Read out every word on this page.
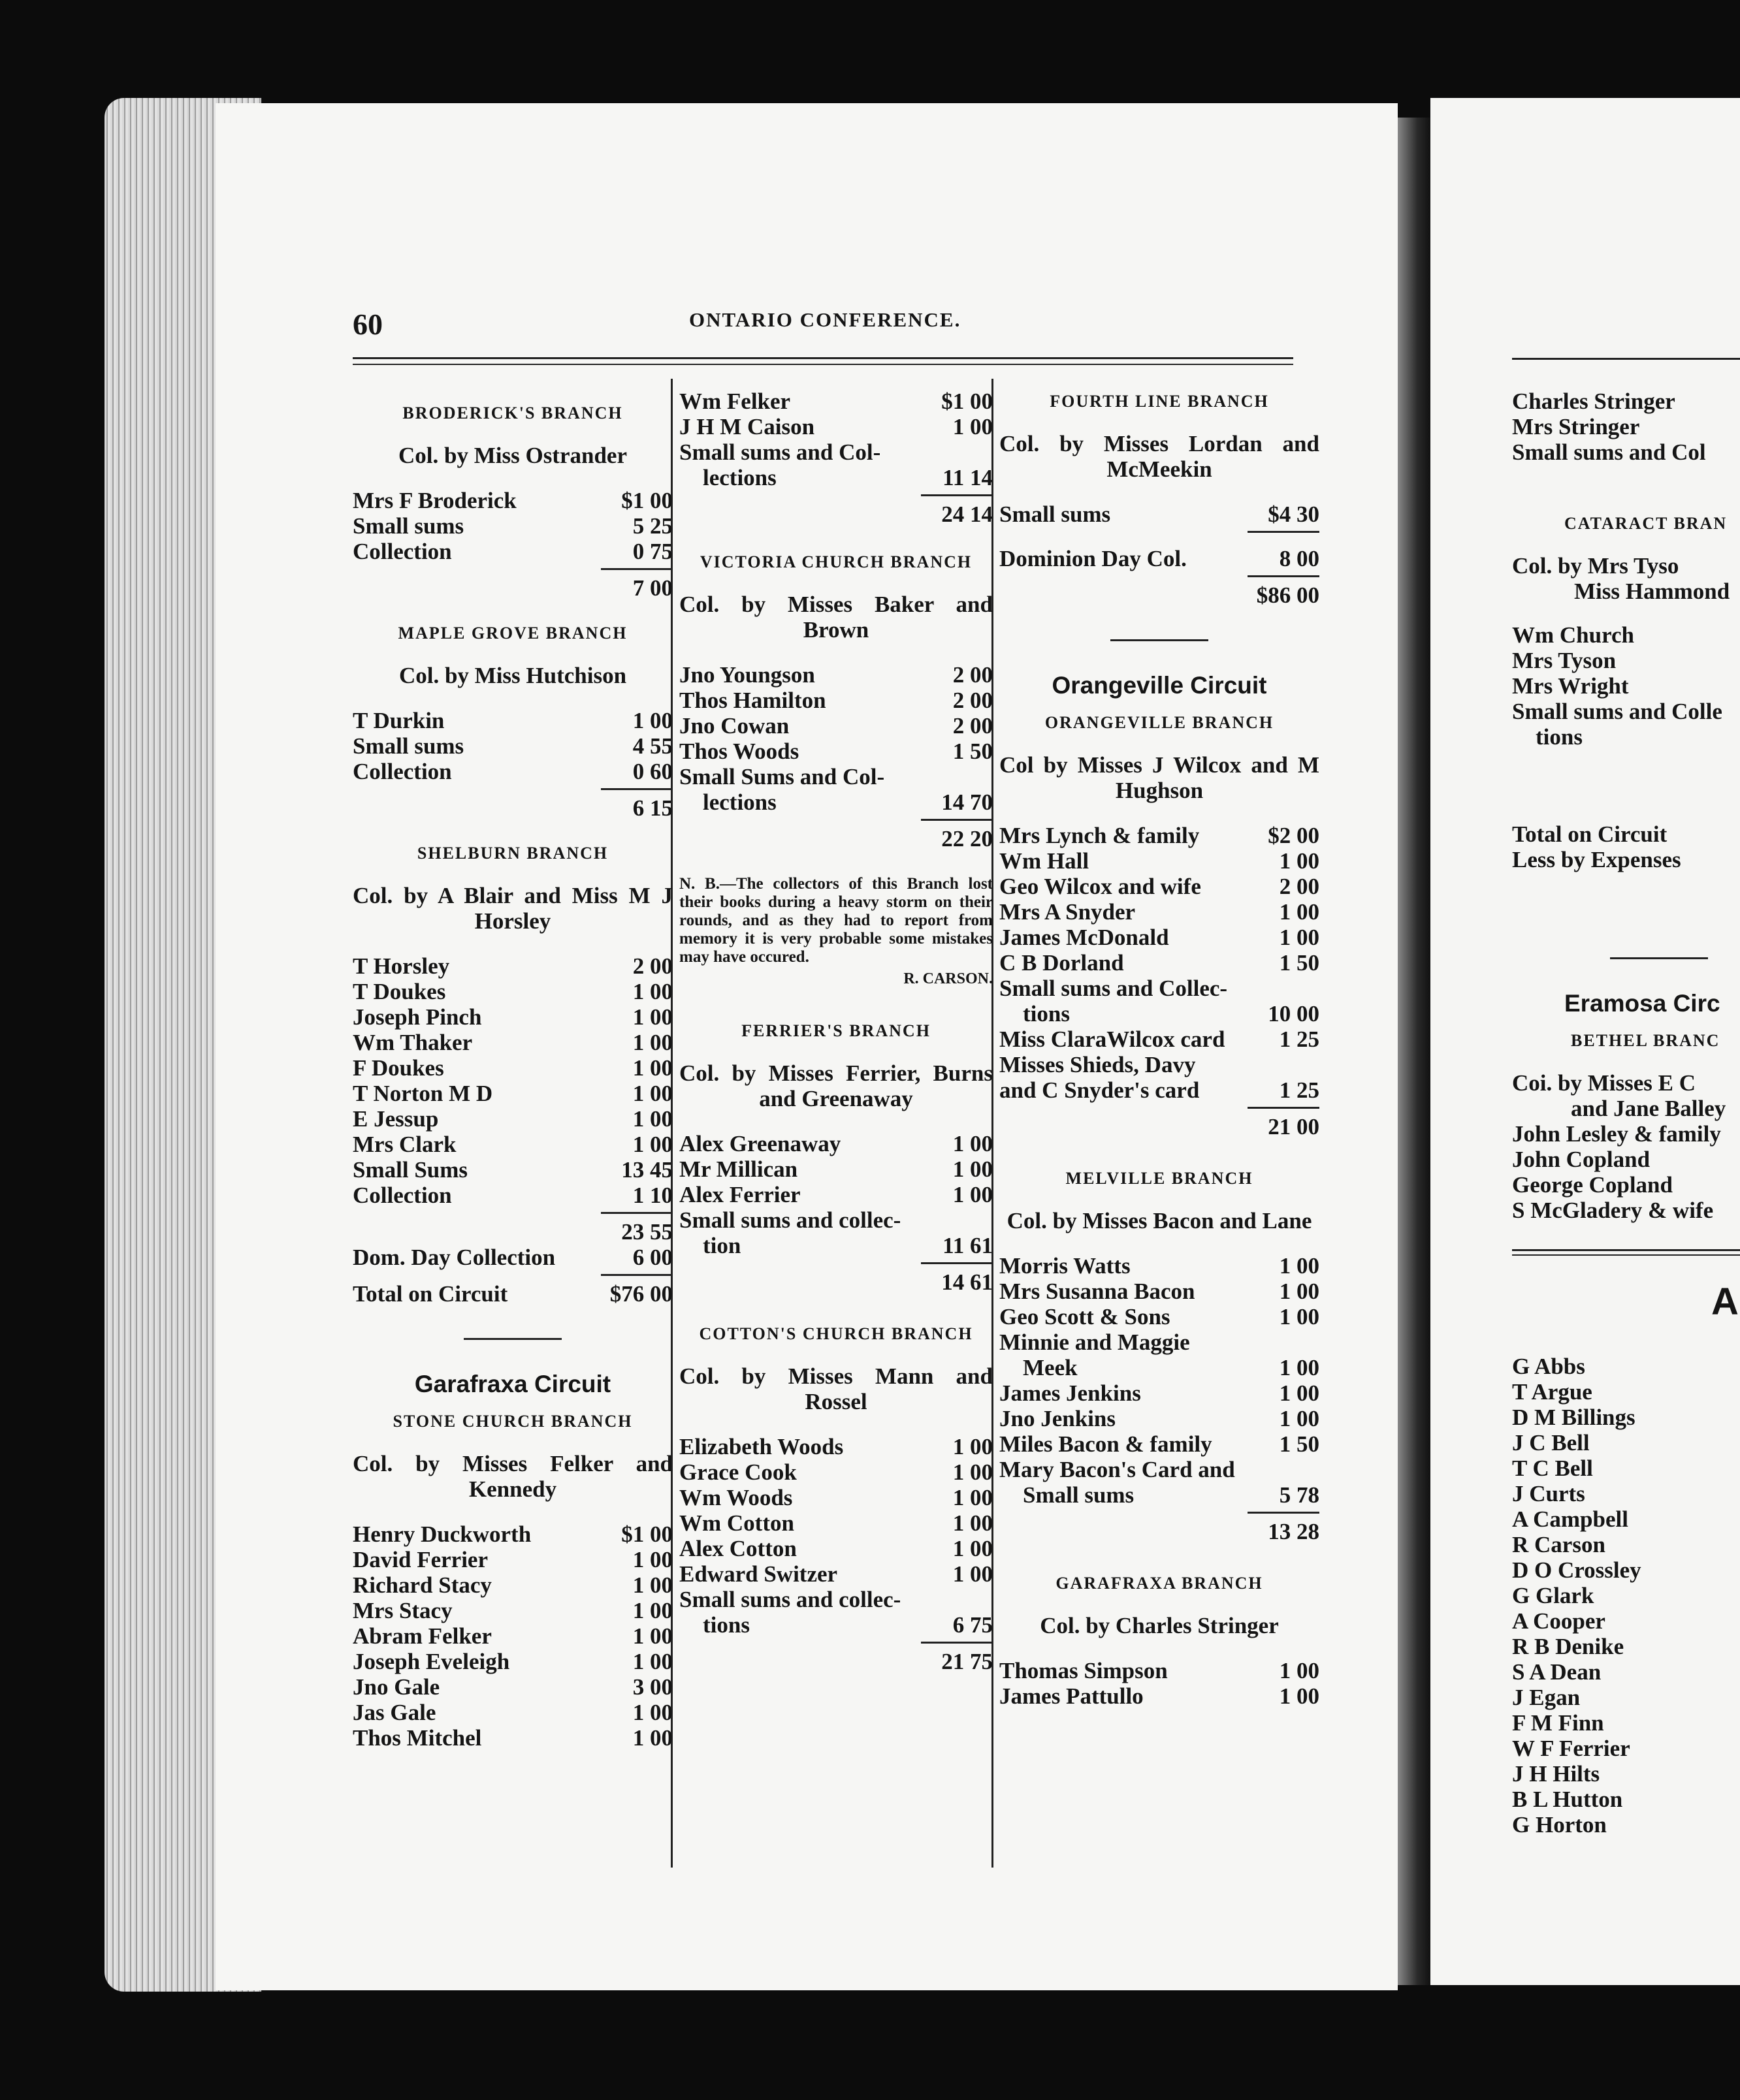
60	ONTARIO CONFERENCE.
BRODERICK'S BRANCH
Col. by Miss Ostrander
Mrs F Broderick	$1 00
Small sums	5 25
Collection	0 75
7 00
MAPLE GROVE BRANCH
Col. by Miss Hutchison
T Durkin	1 00
Small sums	4 55
Collection	0 60
6 15
SHELBURN BRANCH
Col. by A Blair and Miss M J Horsley
T Horsley	2 00
T Doukes	1 00
Joseph Pinch	1 00
Wm Thaker	1 00
F Doukes	1 00
T Norton M D	1 00
E Jessup	1 00
Mrs Clark	1 00
Small Sums	13 45
Collection	1 10
23 55
Dom. Day Collection	6 00
Total on Circuit	$76 00
Garafraxa Circuit
STONE CHURCH BRANCH
Col. by Misses Felker and Kennedy
Henry Duckworth	$1 00
David Ferrier	1 00
Richard Stacy	1 00
Mrs Stacy	1 00
Abram Felker	1 00
Joseph Eveleigh	1 00
Jno Gale	3 00
Jas Gale	1 00
Thos Mitchel	1 00
Wm Felker	$1 00
J H M Caison	1 00
Small sums and Col-
lections	11 14
24 14
VICTORIA CHURCH BRANCH
Col. by Misses Baker and Brown
Jno Youngson	2 00
Thos Hamilton	2 00
Jno Cowan	2 00
Thos Woods	1 50
Small Sums and Col-
lections	14 70
22 20
N. B.—The collectors of this Branch lost their books during a heavy storm on their rounds, and as they had to report from memory it is very probable some mistakes may have occured.
R. CARSON.
FERRIER'S BRANCH
Col. by Misses Ferrier, Burns and Greenaway
Alex Greenaway	1 00
Mr Millican	1 00
Alex Ferrier	1 00
Small sums and collec-
tion	11 61
14 61
COTTON'S CHURCH BRANCH
Col. by Misses Mann and Rossel
Elizabeth Woods	1 00
Grace Cook	1 00
Wm Woods	1 00
Wm Cotton	1 00
Alex Cotton	1 00
Edward Switzer	1 00
Small sums and collec-
tions	6 75
21 75
FOURTH LINE BRANCH
Col. by Misses Lordan and McMeekin
Small sums	$4 30
Dominion Day Col.	8 00
$86 00
Orangeville Circuit
ORANGEVILLE BRANCH
Col by Misses J Wilcox and M Hughson
Mrs Lynch & family	$2 00
Wm Hall	1 00
Geo Wilcox and wife	2 00
Mrs A Snyder	1 00
James McDonald	1 00
C B Dorland	1 50
Small sums and Collec-
tions	10 00
Miss ClaraWilcox card	1 25
Misses Shieds, Davy
and C Snyder's card	1 25
21 00
MELVILLE BRANCH
Col. by Misses Bacon and Lane
Morris Watts	1 00
Mrs Susanna Bacon	1 00
Geo Scott & Sons	1 00
Minnie and Maggie
Meek	1 00
James Jenkins	1 00
Jno Jenkins	1 00
Miles Bacon & family	1 50
Mary Bacon's Card and
Small sums	5 78
13 28
GARAFRAXA BRANCH
Col. by Charles Stringer
Thomas Simpson	1 00
James Pattullo	1 00
Charles Stringer
Mrs Stringer
Small sums and Col
CATARACT BRAN
Col. by Mrs Tyso
Miss Hammond
Wm Church
Mrs Tyson
Mrs Wright
Small sums and Colle
tions
Total on Circuit
Less by Expenses
Eramosa Circ
BETHEL BRANC
Coi. by Misses E C
and Jane Balley
John Lesley & family
John Copland
George Copland
S McGladery & wife
G Abbs
T Argue
D M Billings
J C Bell
T C Bell
J Curts
A Campbell
R Carson
D O Crossley
G Glark
A Cooper
R B Denike
S A Dean
J Egan
F M Finn
W F Ferrier
J H Hilts
B L Hutton
G Horton
A
